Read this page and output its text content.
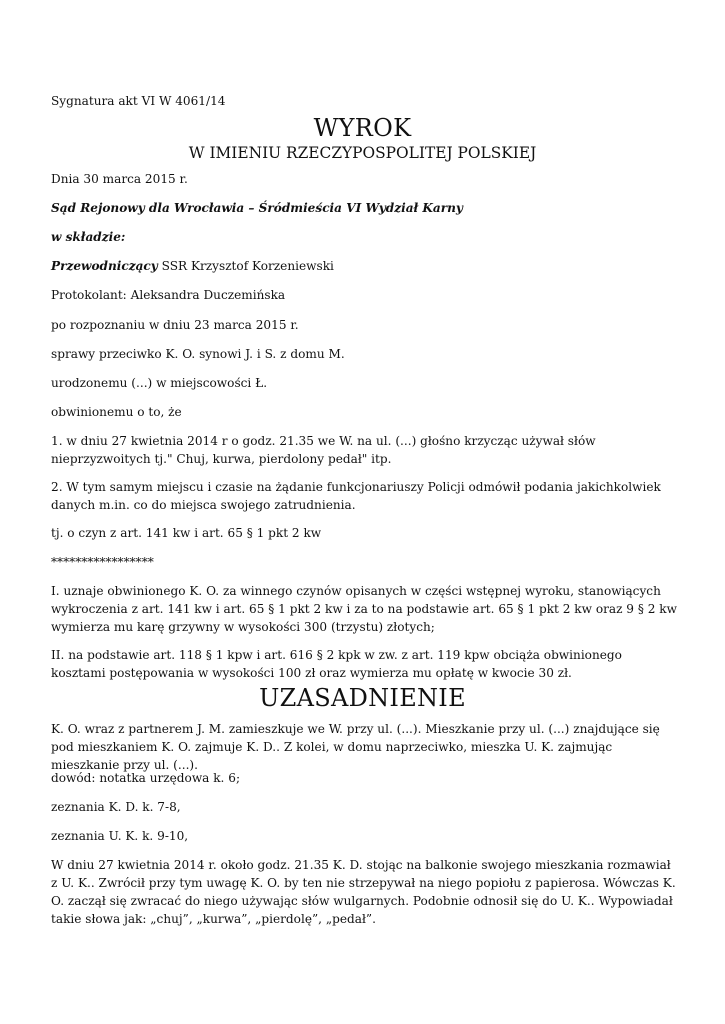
Sygnatura akt VI W 4061/14

WYROK

W IMIENIU RZECZYPOSPOLITEJ POLSKIEJ

Dnia 30 marca 2015 r.

Sąd Rejonowy dla Wrocławia – Śródmieścia VI Wydział Karny

w składzie:

Przewodniczący SSR Krzysztof Korzeniewski

Protokolant: Aleksandra Duczemińska

po rozpoznaniu w dniu 23 marca 2015 r.

sprawy przeciwko K. O. synowi J. i S. z domu M.

urodzonemu (...) w miejscowości Ł.

obwinionemu o to, że

1. w dniu 27 kwietnia 2014 r o godz. 21.35 we W. na ul. (...) głośno krzycząc używał słów nieprzyzwoitych tj." Chuj, kurwa, pierdolony pedał" itp.

2. W tym samym miejscu i czasie na żądanie funkcjonariuszy Policji odmówił podania jakichkolwiek danych m.in. co do miejsca swojego zatrudnienia.

tj. o czyn z art. 141 kw i art. 65 § 1 pkt 2 kw

*****************

I. uznaje obwinionego K. O. za winnego czynów opisanych w części wstępnej wyroku, stanowiących wykroczenia z art. 141 kw i art. 65 § 1 pkt 2 kw i za to na podstawie art. 65 § 1 pkt 2 kw oraz 9 § 2 kw wymierza mu karę grzywny w wysokości 300 (trzystu) złotych;

II. na podstawie art. 118 § 1 kpw i art. 616 § 2 kpk w zw. z art. 119 kpw obciąża obwinionego kosztami postępowania w wysokości 100 zł oraz wymierza mu opłatę w kwocie 30 zł.

UZASADNIENIE

K. O. wraz z partnerem J. M. zamieszkuje we W. przy ul. (...). Mieszkanie przy ul. (...) znajdujące się pod mieszkaniem K. O. zajmuje K. D.. Z kolei, w domu naprzeciwko, mieszka U. K. zajmując mieszkanie przy ul. (...).

dowód: notatka urzędowa k. 6;

zeznania K. D. k. 7-8,

zeznania U. K. k. 9-10,

W dniu 27 kwietnia 2014 r. około godz. 21.35 K. D. stojąc na balkonie swojego mieszkania rozmawiał z U. K.. Zwrócił przy tym uwagę K. O. by ten nie strzepywał na niego popiołu z papierosa. Wówczas K. O. zaczął się zwracać do niego używając słów wulgarnych. Podobnie odnosił się do U. K.. Wypowiadał takie słowa jak: „chuj”, „kurwa”, „pierdolę”, „pedał”.
